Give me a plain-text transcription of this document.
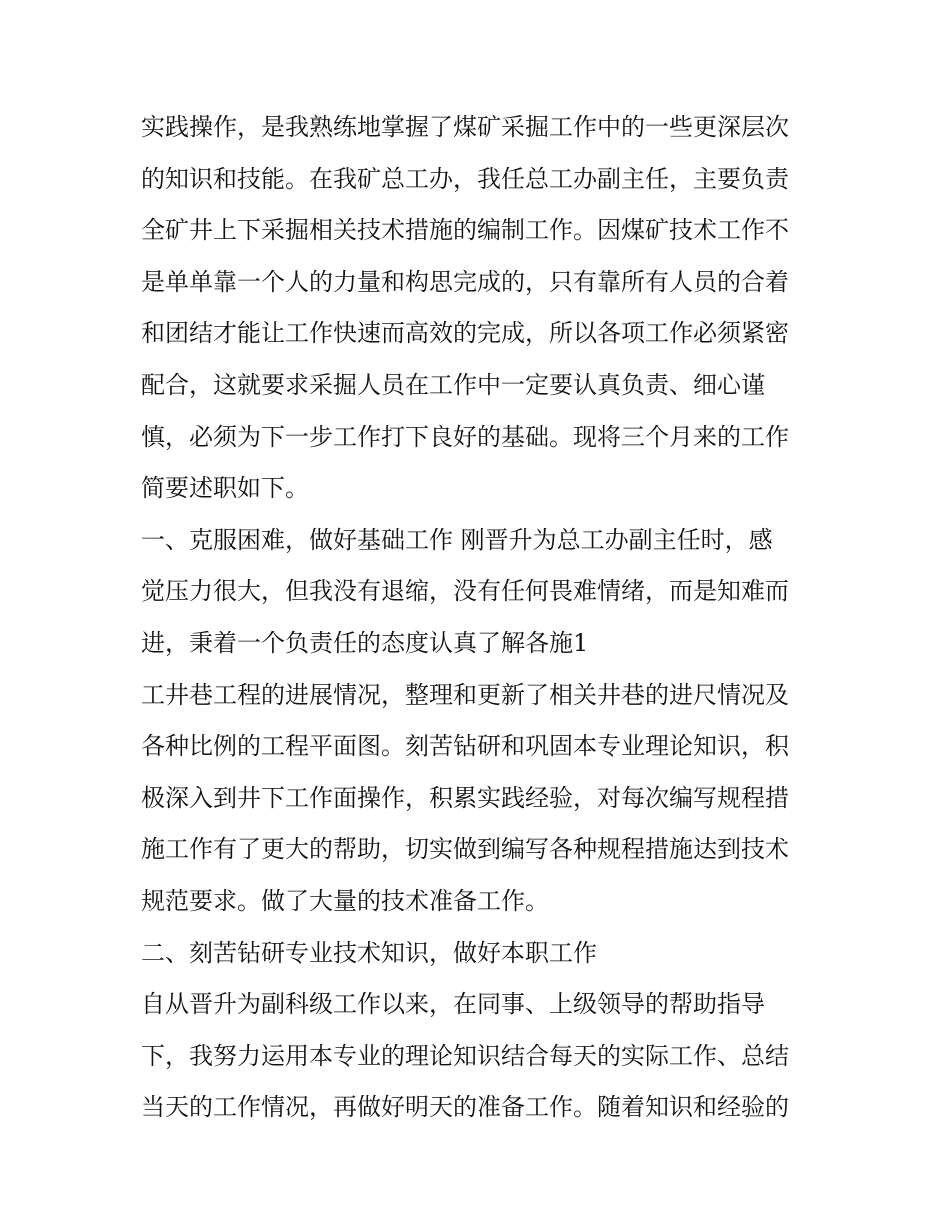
实践操作，是我熟练地掌握了煤矿采掘工作中的一些更深层次
的知识和技能。在我矿总工办，我任总工办副主任，主要负责
全矿井上下采掘相关技术措施的编制工作。因煤矿技术工作不
是单单靠一个人的力量和构思完成的，只有靠所有人员的合着
和团结才能让工作快速而高效的完成，所以各项工作必须紧密
配合，这就要求采掘人员在工作中一定要认真负责、细心谨
慎，必须为下一步工作打下良好的基础。现将三个月来的工作
简要述职如下。
一、克服困难，做好基础工作 刚晋升为总工办副主任时，感
觉压力很大，但我没有退缩，没有任何畏难情绪，而是知难而
进，秉着一个负责任的态度认真了解各施1
工井巷工程的进展情况，整理和更新了相关井巷的进尺情况及
各种比例的工程平面图。刻苦钻研和巩固本专业理论知识，积
极深入到井下工作面操作，积累实践经验，对每次编写规程措
施工作有了更大的帮助，切实做到编写各种规程措施达到技术
规范要求。做了大量的技术准备工作。
二、刻苦钻研专业技术知识，做好本职工作
自从晋升为副科级工作以来，在同事、上级领导的帮助指导
下，我努力运用本专业的理论知识结合每天的实际工作、总结
当天的工作情况，再做好明天的准备工作。随着知识和经验的
